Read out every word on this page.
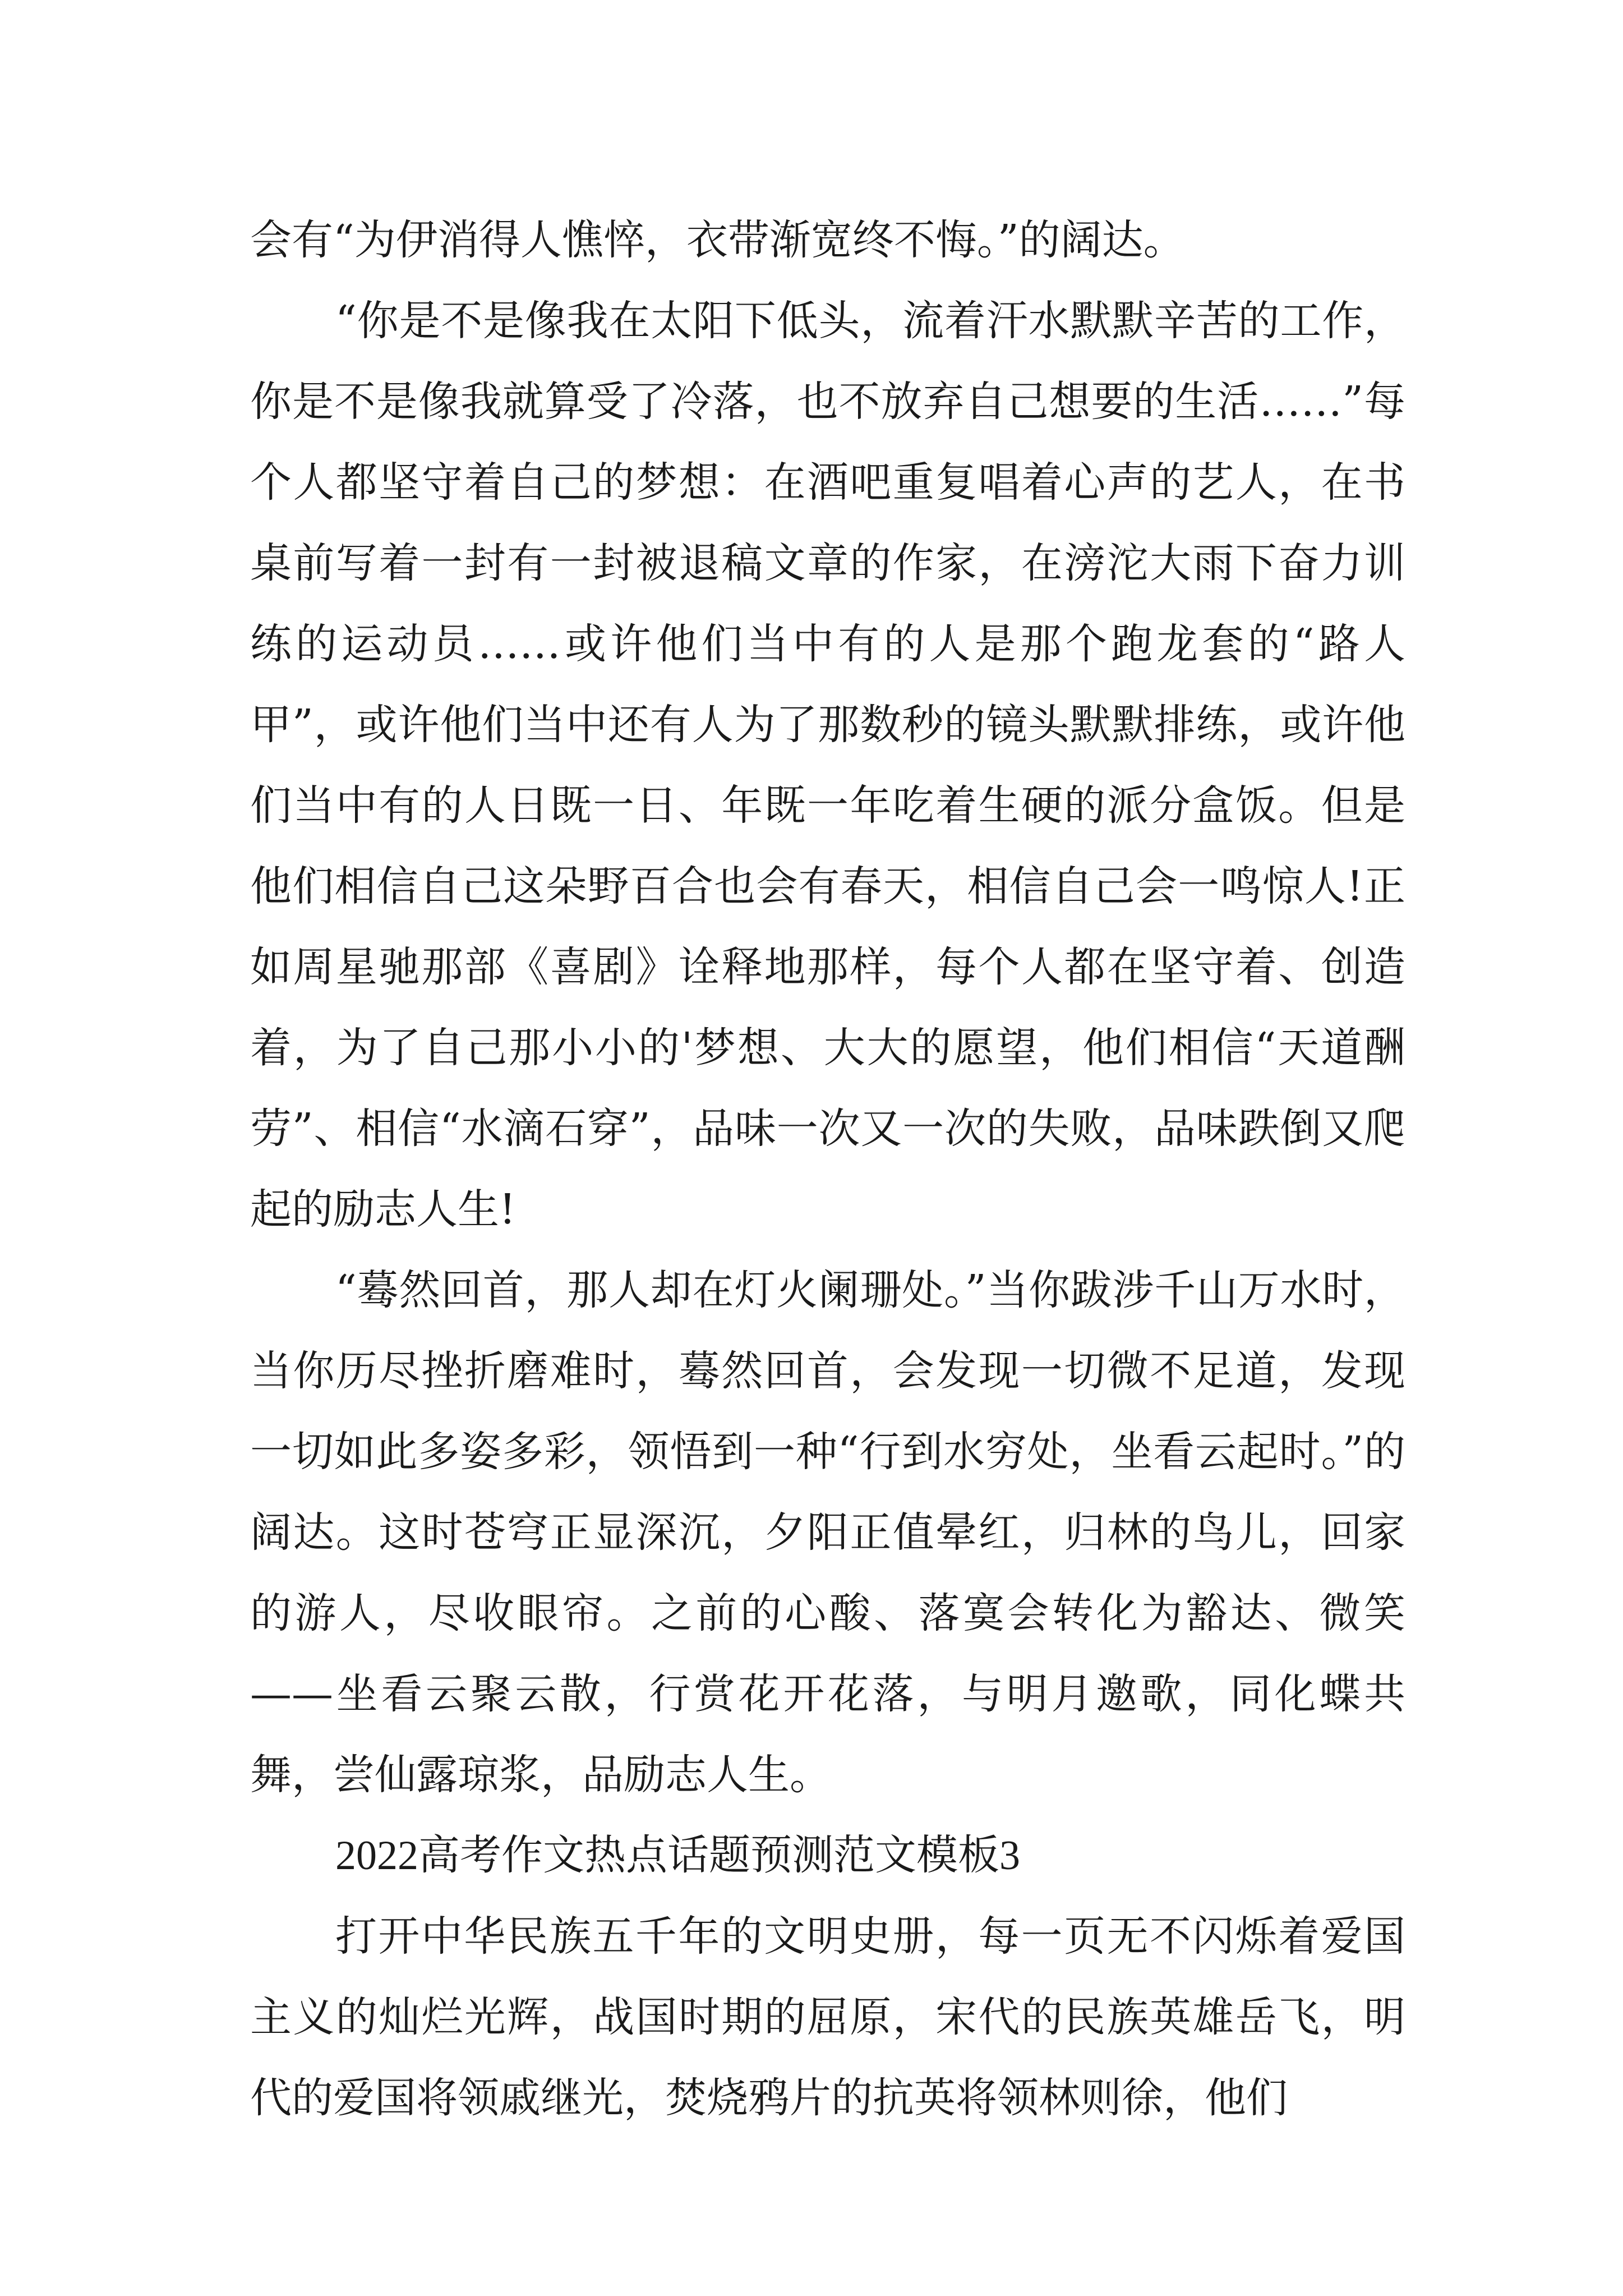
会有“为伊消得人憔悴，衣带渐宽终不悔。”的阔达。

“你是不是像我在太阳下低头，流着汗水默默辛苦的工作，你是不是像我就算受了冷落，也不放弃自己想要的生活……”每个人都坚守着自己的梦想：在酒吧重复唱着心声的艺人，在书桌前写着一封有一封被退稿文章的作家，在滂沱大雨下奋力训练的运动员……或许他们当中有的人是那个跑龙套的“路人甲”，或许他们当中还有人为了那数秒的镜头默默排练，或许他们当中有的人日既一日、年既一年吃着生硬的派分盒饭。但是他们相信自己这朵野百合也会有春天，相信自己会一鸣惊人!正如周星驰那部《喜剧》诠释地那样，每个人都在坚守着、创造着，为了自己那小小的'梦想、大大的愿望，他们相信“天道酬劳”、相信“水滴石穿”，品味一次又一次的失败，品味跌倒又爬起的励志人生!

“蓦然回首，那人却在灯火阑珊处。”当你跋涉千山万水时，当你历尽挫折磨难时，蓦然回首，会发现一切微不足道，发现一切如此多姿多彩，领悟到一种“行到水穷处，坐看云起时。”的阔达。这时苍穹正显深沉，夕阳正值晕红，归林的鸟儿，回家的游人，尽收眼帘。之前的心酸、落寞会转化为豁达、微笑——坐看云聚云散，行赏花开花落，与明月邀歌，同化蝶共舞，尝仙露琼浆，品励志人生。

2022高考作文热点话题预测范文模板3

打开中华民族五千年的文明史册，每一页无不闪烁着爱国主义的灿烂光辉，战国时期的屈原，宋代的民族英雄岳飞，明代的爱国将领戚继光，焚烧鸦片的抗英将领林则徐，他们
